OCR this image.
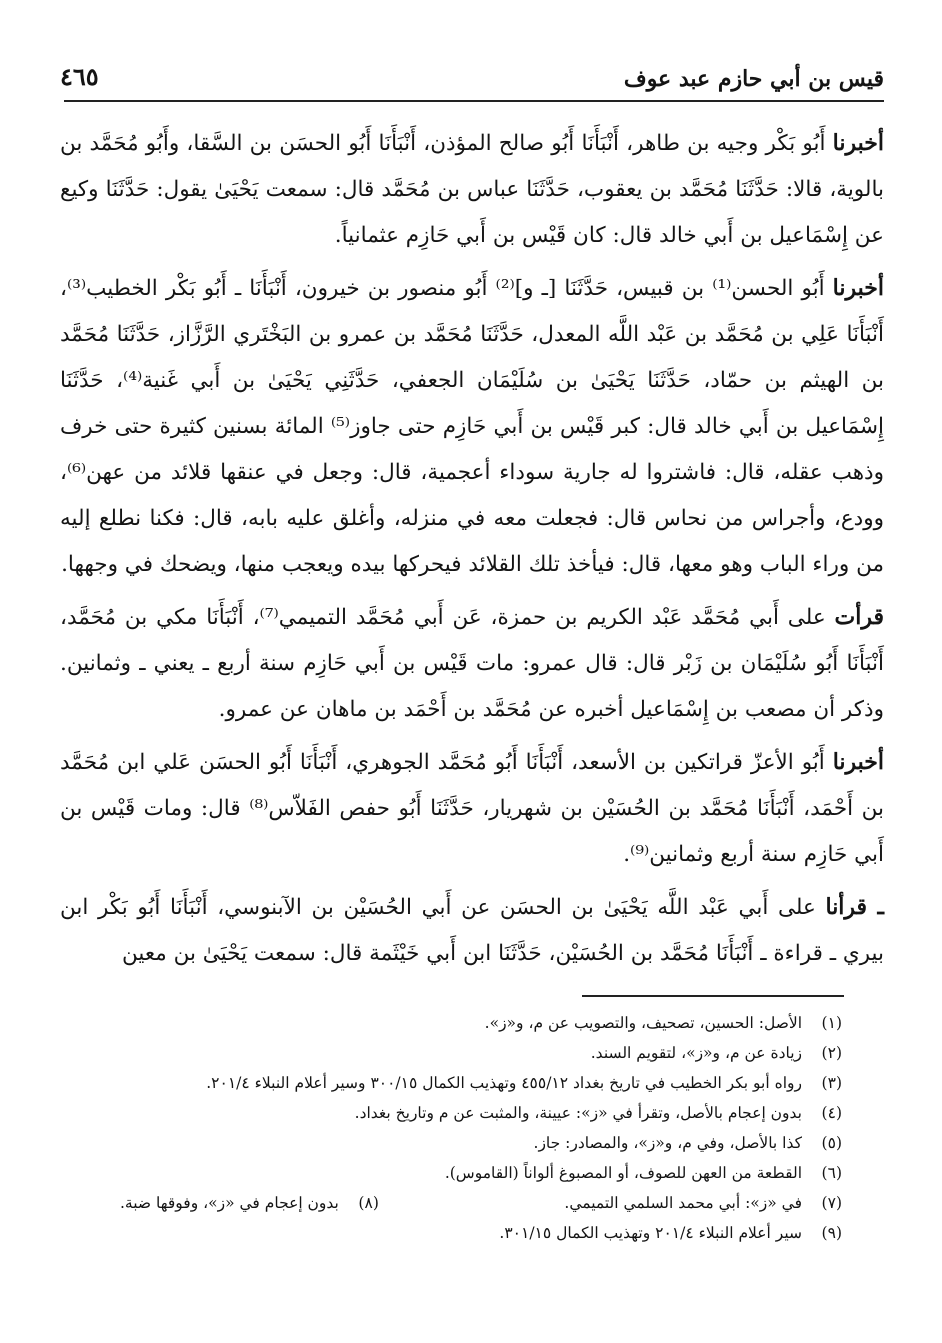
قيس بن أبي حازم عبد عوف
٤٦٥

أخبرنا أَبُو بَكْر وجيه بن طاهر، أَنْبَأَنَا أَبُو صالح المؤذن، أَنْبَأَنَا أَبُو الحسَن بن السَّقا، وأَبُو مُحَمَّد بن بالوية، قالا: حَدَّثَنَا مُحَمَّد بن يعقوب، حَدَّثَنَا عباس بن مُحَمَّد قال: سمعت يَحْيَىٰ يقول: حَدَّثَنَا وكيع عن إِسْمَاعيل بن أَبي خالد قال: كان قَيْس بن أَبي حَازِم عثمانياً.

أخبرنا أَبُو الحسن⁽¹⁾ بن قبيس، حَدَّثَنَا [ـ و]⁽²⁾ أَبُو منصور بن خيرون، أَنْبَأَنَا ـ أَبُو بَكْر الخطيب⁽³⁾، أَنْبَأَنَا عَلِي بن مُحَمَّد بن عَبْد اللَّه المعدل، حَدَّثَنَا مُحَمَّد بن عمرو بن البَخْتَري الرَّزَّاز، حَدَّثَنَا مُحَمَّد بن الهيثم بن حمّاد، حَدَّثَنَا يَحْيَىٰ بن سُلَيْمَان الجعفي، حَدَّثَنِي يَحْيَىٰ بن أَبي غَنية⁽⁴⁾، حَدَّثَنَا إِسْمَاعيل بن أَبي خالد قال: كبر قَيْس بن أَبي حَازِم حتى جاوز⁽⁵⁾ المائة بسنين كثيرة حتى خرف وذهب عقله، قال: فاشتروا له جارية سوداء أعجمية، قال: وجعل في عنقها قلائد من عهن⁽⁶⁾، وودع، وأجراس من نحاس قال: فجعلت معه في منزله، وأغلق عليه بابه، قال: فكنا نطلع إليه من وراء الباب وهو معها، قال: فيأخذ تلك القلائد فيحركها بيده ويعجب منها، ويضحك في وجهها.

قرأت على أَبي مُحَمَّد عَبْد الكريم بن حمزة، عَن أَبي مُحَمَّد التميمي⁽⁷⁾، أَنْبَأَنَا مكي بن مُحَمَّد، أَنْبَأَنَا أَبُو سُلَيْمَان بن زَبْر قال: قال عمرو: مات قَيْس بن أَبي حَازِم سنة أربع ـ يعني ـ وثمانين. وذكر أن مصعب بن إِسْمَاعيل أخبره عن مُحَمَّد بن أَحْمَد بن ماهان عن عمرو.

أخبرنا أَبُو الأعزّ قراتكين بن الأسعد، أَنْبَأَنَا أَبُو مُحَمَّد الجوهري، أَنْبَأَنَا أَبُو الحسَن عَلي ابن مُحَمَّد بن أَحْمَد، أَنْبَأَنَا مُحَمَّد بن الحُسَيْن بن شهريار، حَدَّثَنَا أَبُو حفص الفَلاّس⁽⁸⁾ قال: ومات قَيْس بن أَبي حَازِم سنة أربع وثمانين⁽⁹⁾.

ـ قرأنا على أَبي عَبْد اللَّه يَحْيَىٰ بن الحسَن عن أَبي الحُسَيْن بن الآبنوسي، أَنْبَأَنَا أَبُو بَكْر ابن بيري ـ قراءة ـ أَنْبَأَنَا مُحَمَّد بن الحُسَيْن، حَدَّثَنَا ابن أَبي خَيْثَمة قال: سمعت يَحْيَىٰ بن معين

(١)الأصل: الحسين، تصحيف، والتصويب عن م، و«ز».
(٢)زيادة عن م، و«ز»، لتقويم السند.
(٣)رواه أبو بكر الخطيب في تاريخ بغداد ٤٥٥/١٢ وتهذيب الكمال ٣٠٠/١٥ وسير أعلام النبلاء ٢٠١/٤.
(٤)بدون إعجام بالأصل، وتقرأ في «ز»: عيينة، والمثبت عن م وتاريخ بغداد.
(٥)كذا بالأصل، وفي م، و«ز»، والمصادر: جاز.
(٦)القطعة من العهن للصوف، أو المصبوغ ألواناً (القاموس).
(٧)في «ز»: أبي محمد السلمي التميمي.
(٨)بدون إعجام في «ز»، وفوقها ضبة.
(٩)سير أعلام النبلاء ٢٠١/٤ وتهذيب الكمال ٣٠١/١٥.
